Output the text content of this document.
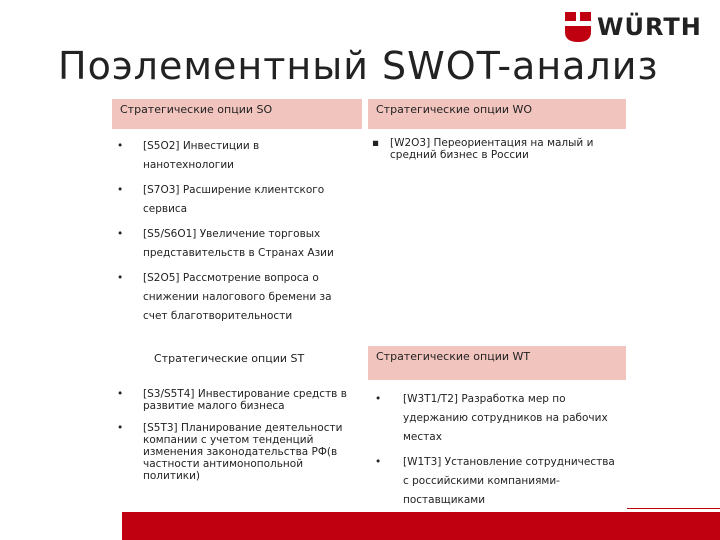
WÜRTH
Поэлементный SWOT-анализ
Стратегические опции SO
• [S5O2] Инвестиции в нанотехнологии
• [S7O3] Расширение клиентского сервиса
• [S5/S6O1] Увеличение торговых представительств в Странах Азии
• [S2O5] Рассмотрение вопроса о снижении налогового бремени за счет благотворительности
Стратегические опции WO
▪ [W2O3] Переориентация на малый и средний бизнес в России
Стратегические опции ST
• [S3/S5T4] Инвестирование средств в развитие малого бизнеса
• [S5T3] Планирование деятельности компании с учетом тенденций изменения законодательства РФ(в частности антимонопольной политики)
Стратегические опции WT
• [W3T1/T2] Разработка мер по удержанию сотрудников на рабочих местах
• [W1T3] Установление сотрудничества с российскими компаниями-поставщиками
